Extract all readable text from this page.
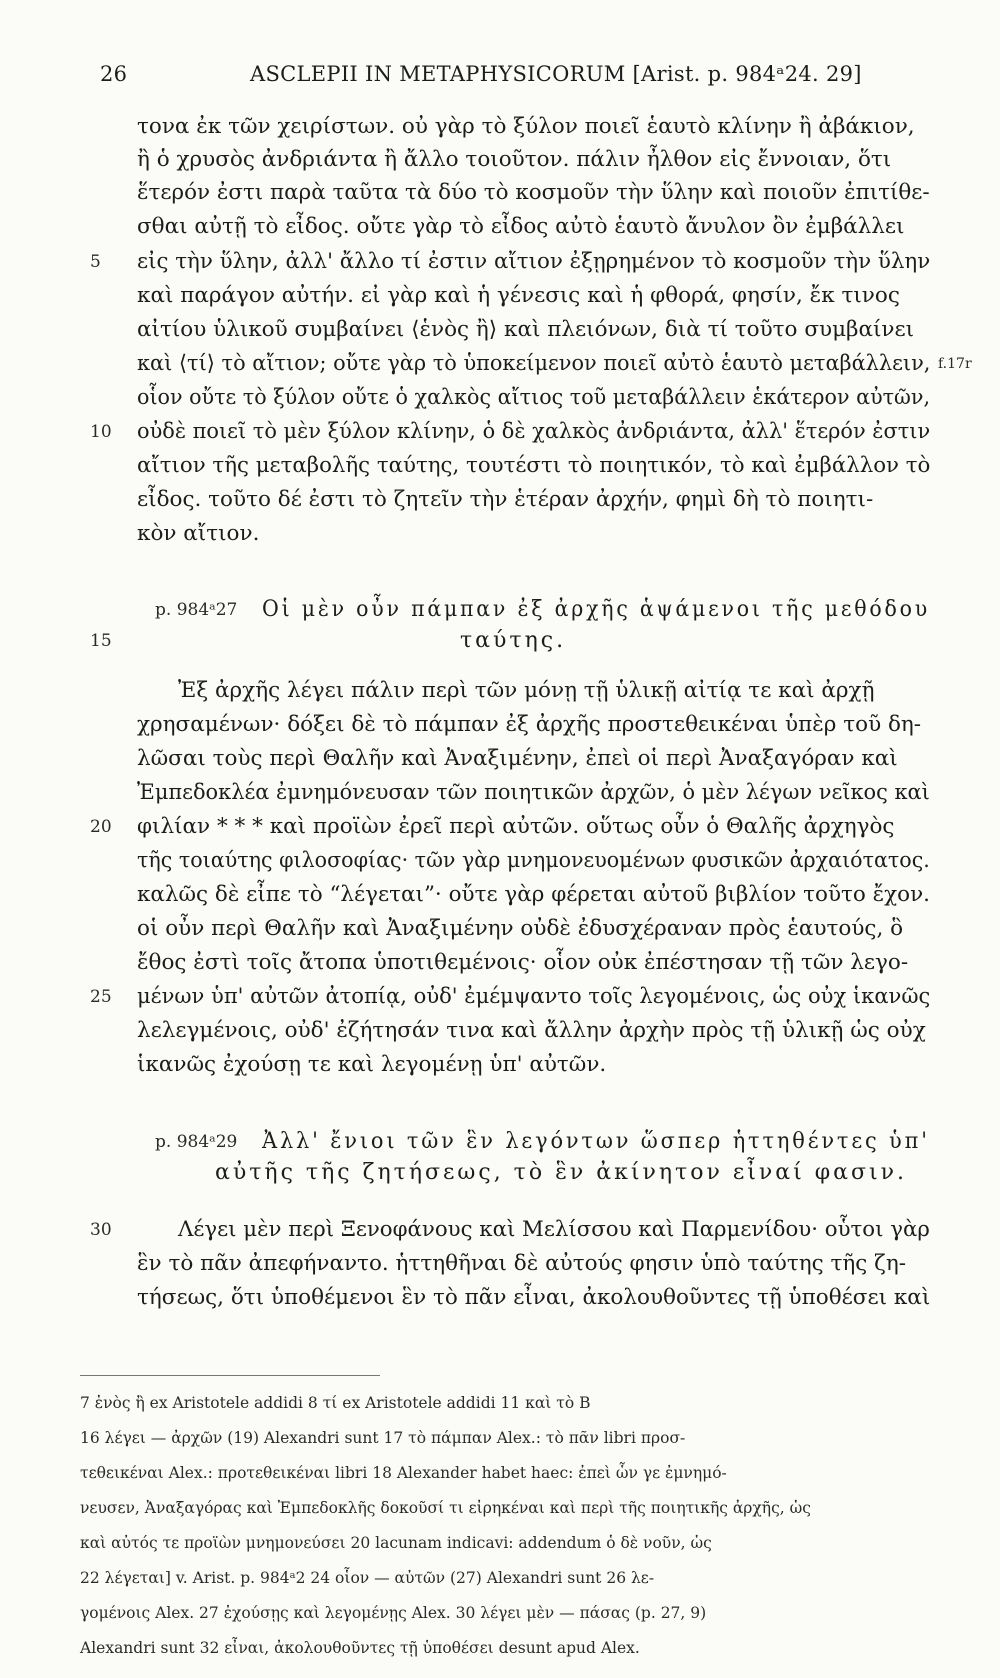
26	ASCLEPII IN METAPHYSICORUM [Arist. p. 984ᵃ24. 29]
τονα ἐκ τῶν χειρίστων. οὐ γὰρ τὸ ξύλον ποιεῖ ἑαυτὸ κλίνην ἢ ἀβάκιον,
ἢ ὁ χρυσὸς ἀνδριάντα ἢ ἄλλο τοιοῦτον. πάλιν ἦλθον εἰς ἔννοιαν, ὅτι
ἕτερόν ἐστι παρὰ ταῦτα τὰ δύο τὸ κοσμοῦν τὴν ὕλην καὶ ποιοῦν ἐπιτίθε-
σθαι αὐτῇ τὸ εἶδος. οὔτε γὰρ τὸ εἶδος αὐτὸ ἑαυτὸ ἄνυλον ὂν ἐμβάλλει
5	εἰς τὴν ὕλην, ἀλλ' ἄλλο τί ἐστιν αἴτιον ἐξῃρημένον τὸ κοσμοῦν τὴν ὕλην
καὶ παράγον αὐτήν. εἰ γὰρ καὶ ἡ γένεσις καὶ ἡ φθορά, φησίν, ἔκ τινος
αἰτίου ὑλικοῦ συμβαίνει ⟨ἑνὸς ἢ⟩ καὶ πλειόνων, διὰ τί τοῦτο συμβαίνει
καὶ ⟨τί⟩ τὸ αἴτιον; οὔτε γὰρ τὸ ὑποκείμενον ποιεῖ αὐτὸ ἑαυτὸ μεταβάλλειν, f.17r
οἷον οὔτε τὸ ξύλον οὔτε ὁ χαλκὸς αἴτιος τοῦ μεταβάλλειν ἑκάτερον αὐτῶν,
10	οὐδὲ ποιεῖ τὸ μὲν ξύλον κλίνην, ὁ δὲ χαλκὸς ἀνδριάντα, ἀλλ' ἕτερόν ἐστιν
αἴτιον τῆς μεταβολῆς ταύτης, τουτέστι τὸ ποιητικόν, τὸ καὶ ἐμβάλλον τὸ
εἶδος. τοῦτο δέ ἐστι τὸ ζητεῖν τὴν ἑτέραν ἀρχήν, φημὶ δὴ τὸ ποιητι-
κὸν αἴτιον.
p. 984ᵃ27 Οἱ μὲν οὖν πάμπαν ἐξ ἀρχῆς ἁψάμενοι τῆς μεθόδου
15	ταύτης.
Ἐξ ἀρχῆς λέγει πάλιν περὶ τῶν μόνῃ τῇ ὑλικῇ αἰτίᾳ τε καὶ ἀρχῇ
χρησαμένων· δόξει δὲ τὸ πάμπαν ἐξ ἀρχῆς προστεθεικέναι ὑπὲρ τοῦ δη-
λῶσαι τοὺς περὶ Θαλῆν καὶ Ἀναξιμένην, ἐπεὶ οἱ περὶ Ἀναξαγόραν καὶ
Ἐμπεδοκλέα ἐμνημόνευσαν τῶν ποιητικῶν ἀρχῶν, ὁ μὲν λέγων νεῖκος καὶ
20	φιλίαν * * * καὶ προϊὼν ἐρεῖ περὶ αὐτῶν. οὕτως οὖν ὁ Θαλῆς ἀρχηγὸς
τῆς τοιαύτης φιλοσοφίας· τῶν γὰρ μνημονευομένων φυσικῶν ἀρχαιότατος.
καλῶς δὲ εἶπε τὸ “λέγεται”· οὔτε γὰρ φέρεται αὐτοῦ βιβλίον τοῦτο ἔχον.
οἱ οὖν περὶ Θαλῆν καὶ Ἀναξιμένην οὐδὲ ἐδυσχέραναν πρὸς ἑαυτούς, ὃ
ἔθος ἐστὶ τοῖς ἄτοπα ὑποτιθεμένοις· οἷον οὐκ ἐπέστησαν τῇ τῶν λεγο-
25	μένων ὑπ' αὐτῶν ἀτοπίᾳ, οὐδ' ἐμέμψαντο τοῖς λεγομένοις, ὡς οὐχ ἱκανῶς
λελεγμένοις, οὐδ' ἐζήτησάν τινα καὶ ἄλλην ἀρχὴν πρὸς τῇ ὑλικῇ ὡς οὐχ
ἱκανῶς ἐχούσῃ τε καὶ λεγομένῃ ὑπ' αὐτῶν.
p. 984ᵃ29 Ἀλλ' ἔνιοι τῶν ἓν λεγόντων ὥσπερ ἡττηθέντες ὑπ'
αὐτῆς τῆς ζητήσεως, τὸ ἓν ἀκίνητον εἶναί φασιν.
30	Λέγει μὲν περὶ Ξενοφάνους καὶ Μελίσσου καὶ Παρμενίδου· οὗτοι γὰρ
ἓν τὸ πᾶν ἀπεφήναντο. ἡττηθῆναι δὲ αὐτούς φησιν ὑπὸ ταύτης τῆς ζη-
τήσεως, ὅτι ὑποθέμενοι ἓν τὸ πᾶν εἶναι, ἀκολουθοῦντες τῇ ὑποθέσει καὶ
7 ἑνὸς ἢ ex Aristotele addidi 8 τί ex Aristotele addidi 11 καὶ τὸ B
16 λέγει — ἀρχῶν (19) Alexandri sunt 17 τὸ πάμπαν Alex.: τὸ πᾶν libri προσ-
τεθεικέναι Alex.: προτεθεικέναι libri 18 Alexander habet haec: ἐπεὶ ὧν γε ἐμνημό-
νευσεν, Ἀναξαγόρας καὶ Ἐμπεδοκλῆς δοκοῦσί τι εἰρηκέναι καὶ περὶ τῆς ποιητικῆς ἀρχῆς, ὡς
καὶ αὐτός τε προϊὼν μνημονεύσει 20 lacunam indicavi: addendum ὁ δὲ νοῦν, ὡς
22 λέγεται] v. Arist. p. 984ᵃ2 24 οἷον — αὐτῶν (27) Alexandri sunt 26 λε-
γομένοις Alex. 27 ἐχούσῃς καὶ λεγομένῃς Alex. 30 λέγει μὲν — πάσας (p. 27, 9)
Alexandri sunt 32 εἶναι, ἀκολουθοῦντες τῇ ὑποθέσει desunt apud Alex.
